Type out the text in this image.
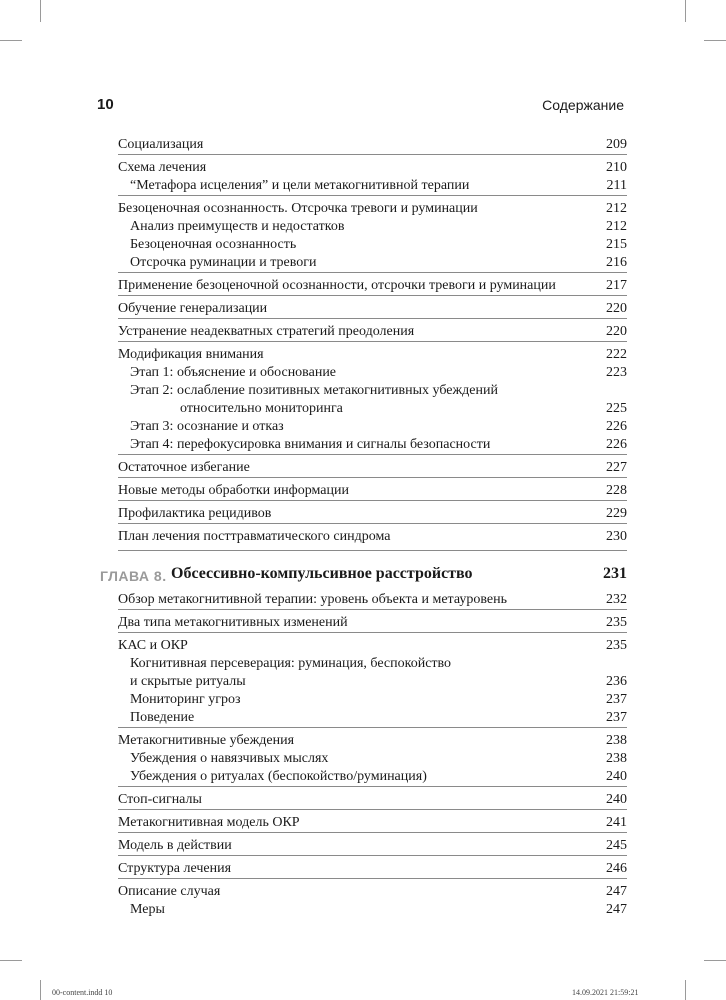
10	Содержание
Социализация	209
Схема лечения	210
“Метафора исцеления” и цели метакогнитивной терапии	211
Безоценочная осознанность. Отсрочка тревоги и руминации	212
Анализ преимуществ и недостатков	212
Безоценочная осознанность	215
Отсрочка руминации и тревоги	216
Применение безоценочной осознанности, отсрочки тревоги и руминации	217
Обучение генерализации	220
Устранение неадекватных стратегий преодоления	220
Модификация внимания	222
Этап 1: объяснение и обоснование	223
Этап 2: ослабление позитивных метакогнитивных убеждений
относительно мониторинга	225
Этап 3: осознание и отказ	226
Этап 4: перефокусировка внимания и сигналы безопасности	226
Остаточное избегание	227
Новые методы обработки информации	228
Профилактика рецидивов	229
План лечения посттравматического синдрома	230
ГЛАВА 8. Обсессивно-компульсивное расстройство	231
Обзор метакогнитивной терапии: уровень объекта и метауровень	232
Два типа метакогнитивных изменений	235
КАС и ОКР	235
Когнитивная персеверация: руминация, беспокойство
и скрытые ритуалы	236
Мониторинг угроз	237
Поведение	237
Метакогнитивные убеждения	238
Убеждения о навязчивых мыслях	238
Убеждения о ритуалах (беспокойство/руминация)	240
Стоп-сигналы	240
Метакогнитивная модель ОКР	241
Модель в действии	245
Структура лечения	246
Описание случая	247
Меры	247
00-content.indd 10	14.09.2021 21:59:21
